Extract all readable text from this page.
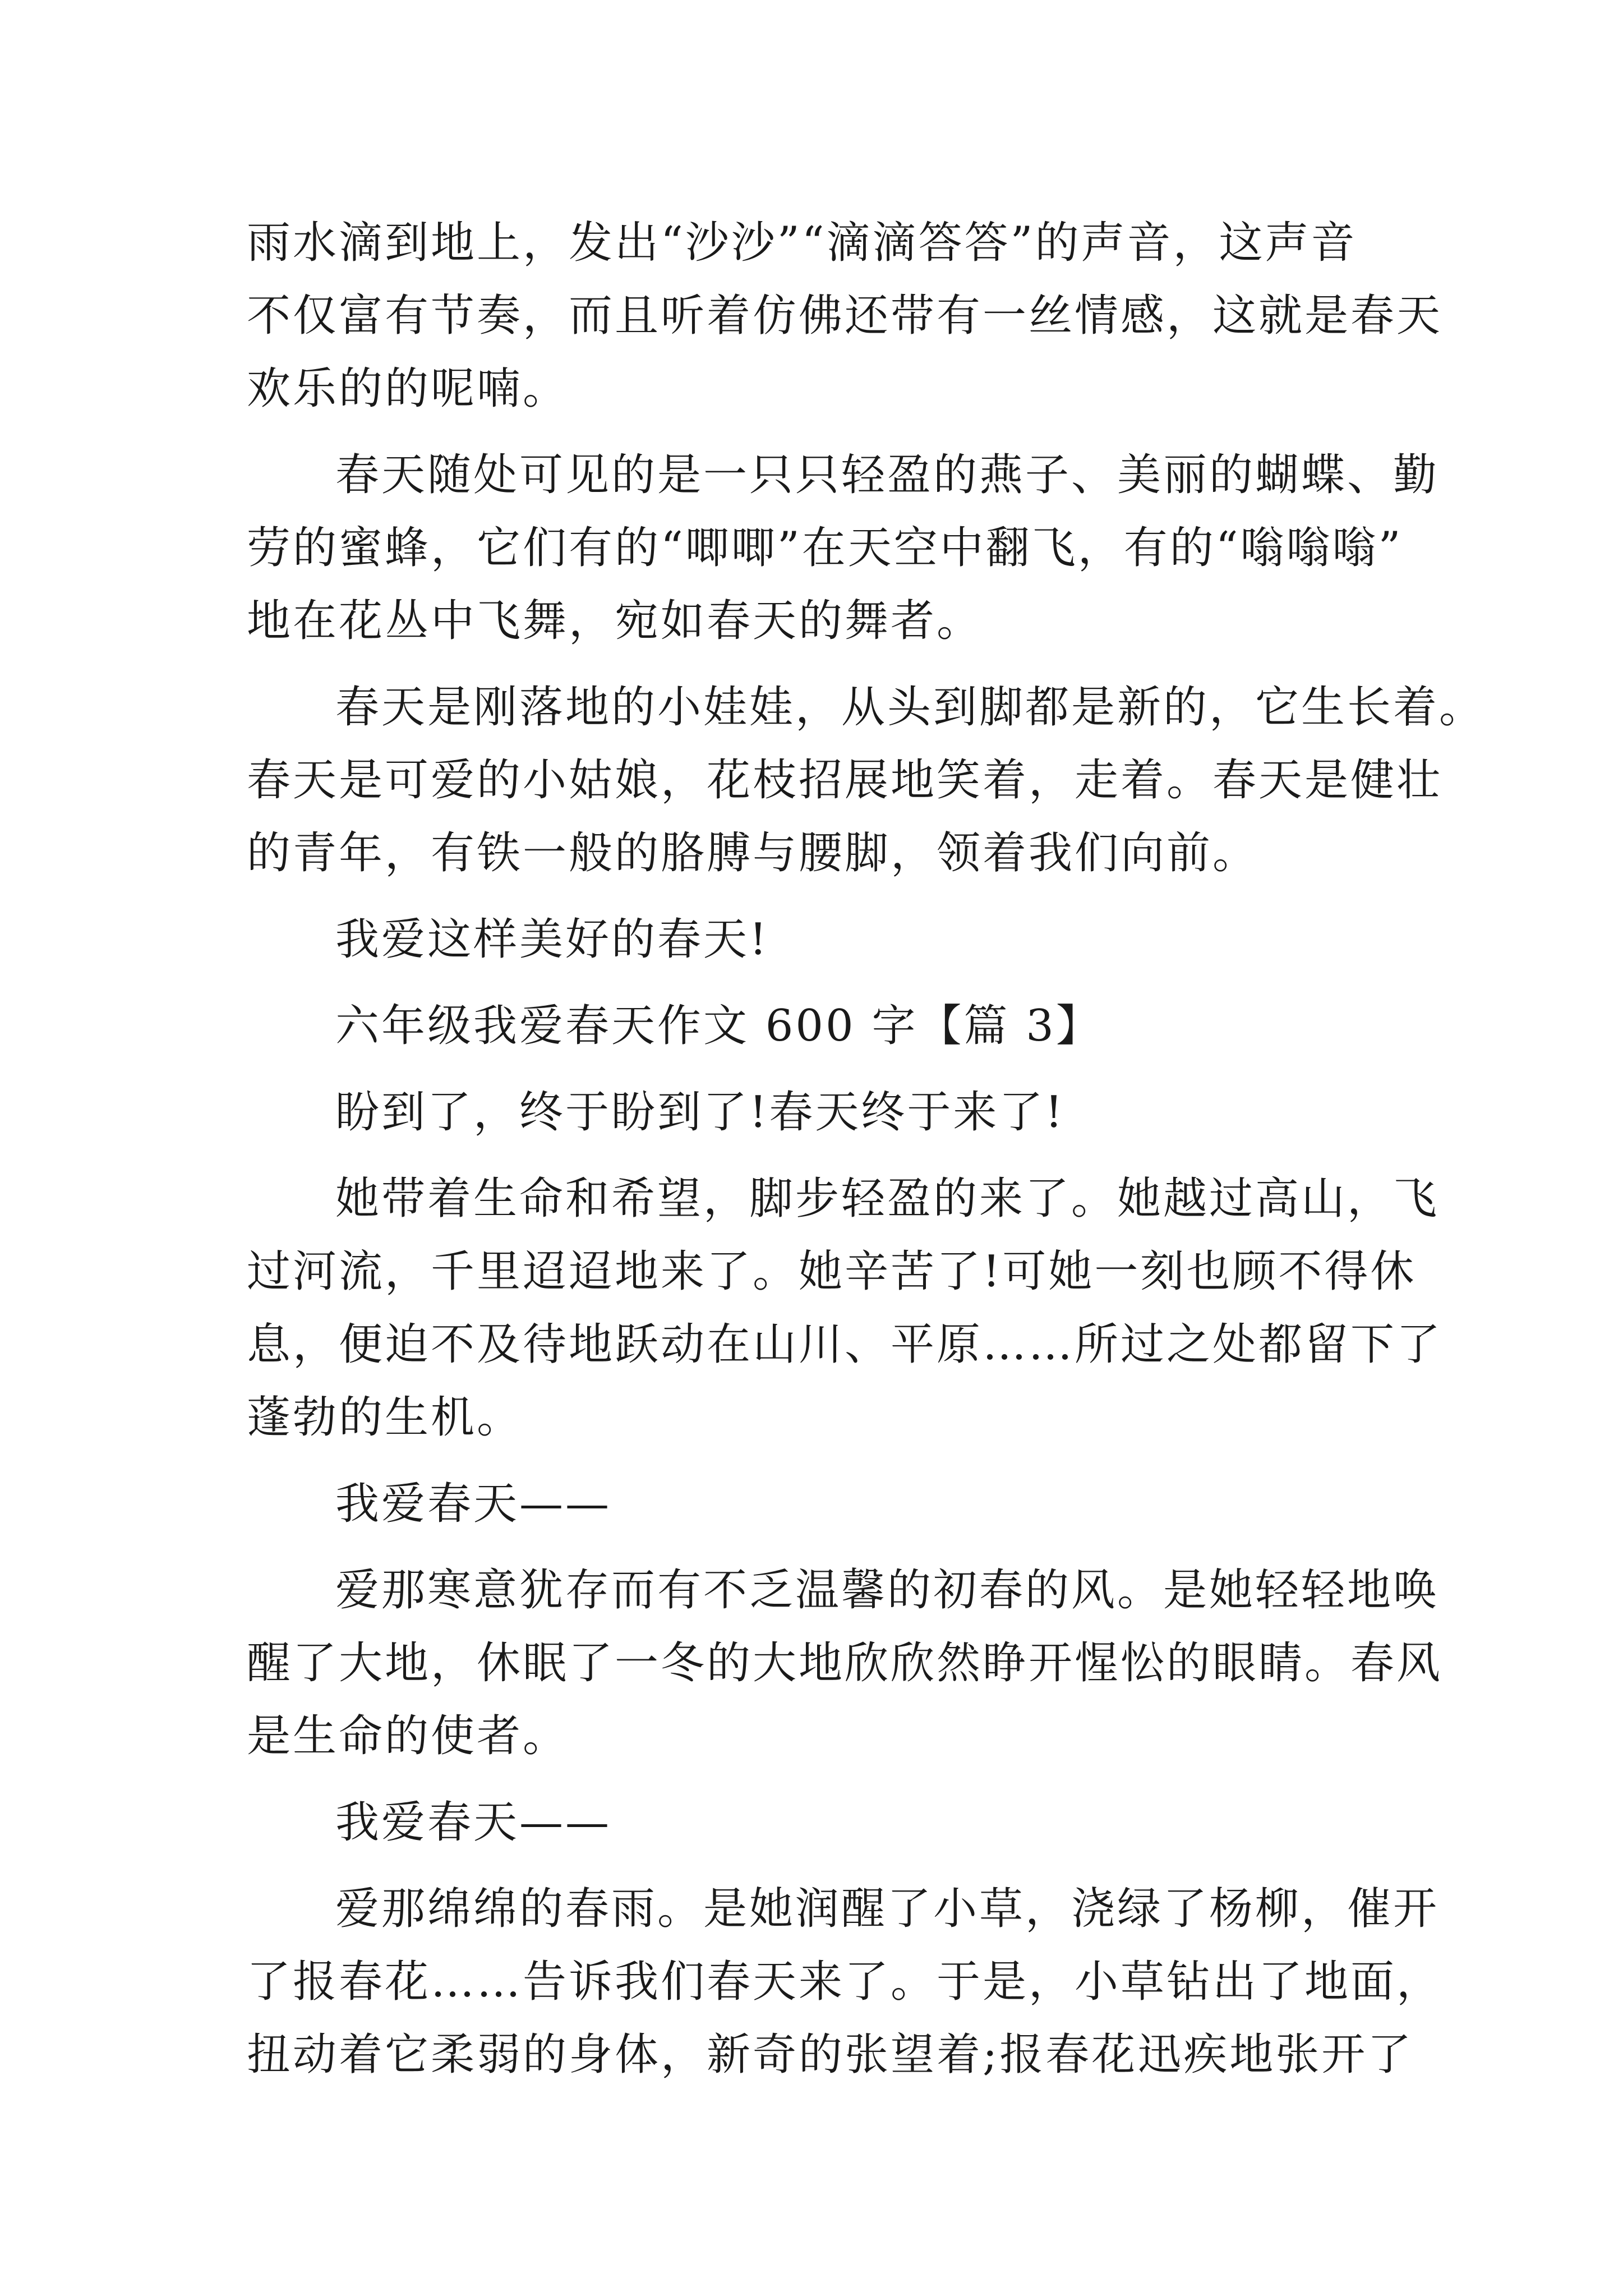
雨水滴到地上，发出“沙沙”“滴滴答答”的声音，这声音
不仅富有节奏，而且听着仿佛还带有一丝情感，这就是春天
欢乐的的呢喃。
春天随处可见的是一只只轻盈的燕子、美丽的蝴蝶、勤
劳的蜜蜂，它们有的“唧唧”在天空中翻飞，有的“嗡嗡嗡”
地在花丛中飞舞，宛如春天的舞者。
春天是刚落地的小娃娃，从头到脚都是新的，它生长着。
春天是可爱的小姑娘，花枝招展地笑着，走着。春天是健壮
的青年，有铁一般的胳膊与腰脚，领着我们向前。
我爱这样美好的春天!
六年级我爱春天作文 600 字【篇 3】
盼到了，终于盼到了!春天终于来了!
她带着生命和希望，脚步轻盈的来了。她越过高山，飞
过河流，千里迢迢地来了。她辛苦了!可她一刻也顾不得休
息，便迫不及待地跃动在山川、平原……所过之处都留下了
蓬勃的生机。
我爱春天——
爱那寒意犹存而有不乏温馨的初春的风。是她轻轻地唤
醒了大地，休眠了一冬的大地欣欣然睁开惺忪的眼睛。春风
是生命的使者。
我爱春天——
爱那绵绵的春雨。是她润醒了小草，浇绿了杨柳，催开
了报春花……告诉我们春天来了。于是，小草钻出了地面，
扭动着它柔弱的身体，新奇的张望着;报春花迅疾地张开了
